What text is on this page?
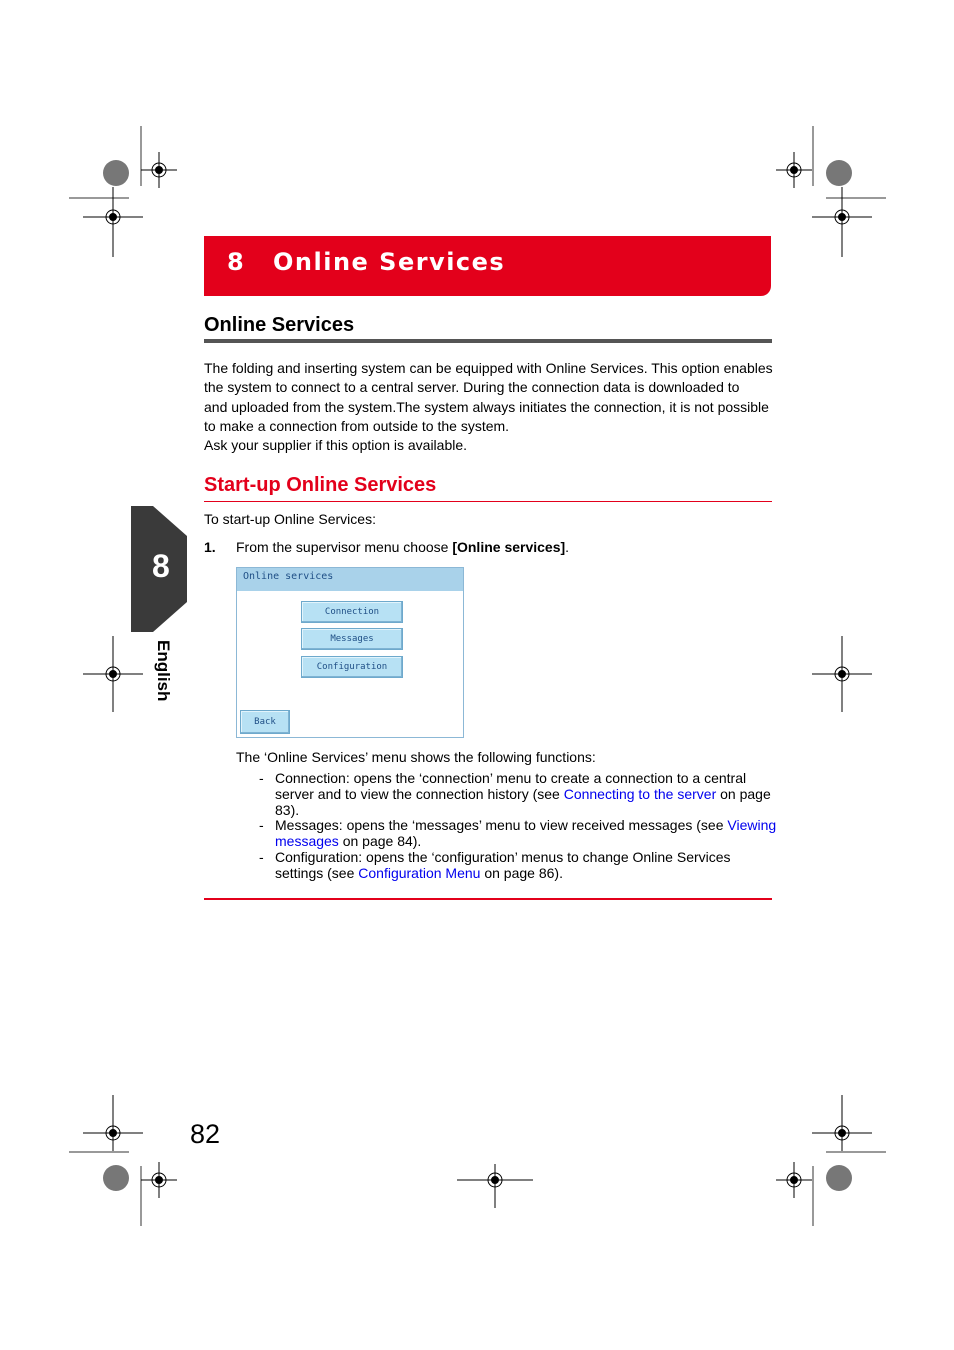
8 Online Services
Online Services
The folding and inserting system can be equipped with Online Services. This option enables
the system to connect to a central server. During the connection data is downloaded to
and uploaded from the system.The system always initiates the connection, it is not possible
to make a connection from outside to the system.
Ask your supplier if this option is available.
Start-up Online Services
To start-up Online Services:
1. From the supervisor menu choose [Online services].
Online services
Connection
Messages
Configuration
Back
The ‘Online Services’ menu shows the following functions:
- Connection: opens the ‘connection’ menu to create a connection to a central
server and to view the connection history (see Connecting to the server on page
83).
- Messages: opens the ‘messages’ menu to view received messages (see Viewing
messages on page 84).
- Configuration: opens the ‘configuration’ menus to change Online Services
settings (see Configuration Menu on page 86).
8
English
82
